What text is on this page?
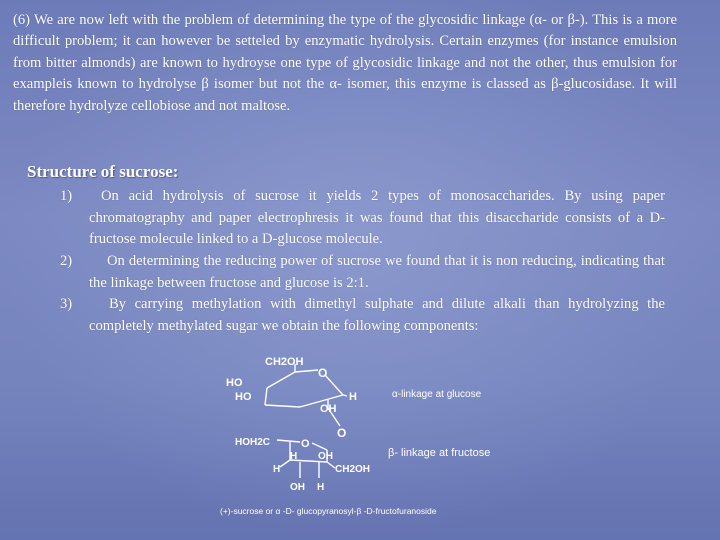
(6) We are now left with the problem of determining the type of the glycosidic linkage (α- or β-). This is a more difficult problem; it can however be setteled by enzymatic hydrolysis. Certain enzymes (for instance emulsion from bitter almonds) are known to hydroyse one type of glycosidic linkage and not the other, thus emulsion for exampleis known to hydrolyse β isomer but not the α- isomer, this enzyme is classed as β-glucosidase. It will therefore hydrolyze cellobiose and not maltose.
Structure of sucrose:
1) On acid hydrolysis of sucrose it yields 2 types of monosaccharides. By using paper chromatography and paper electrophresis it was found that this disaccharide consists of a D-fructose molecule linked to a D-glucose molecule.
2) On determining the reducing power of sucrose we found that it is non reducing, indicating that the linkage between fructose and glucose is 2:1.
3)	By carrying methylation with dimethyl sulphate and dilute alkali than hydrolyzing the completely methylated sugar we obtain the following components:
CH2OH
O
HO
HO	H
OH
O
HOH2C	O
H OH
H	CH2OH
OH H
α-linkage at glucose
β- linkage at fructose
(+)-sucrose or α -D- glucopyranosyl-β -D-fructofuranoside
